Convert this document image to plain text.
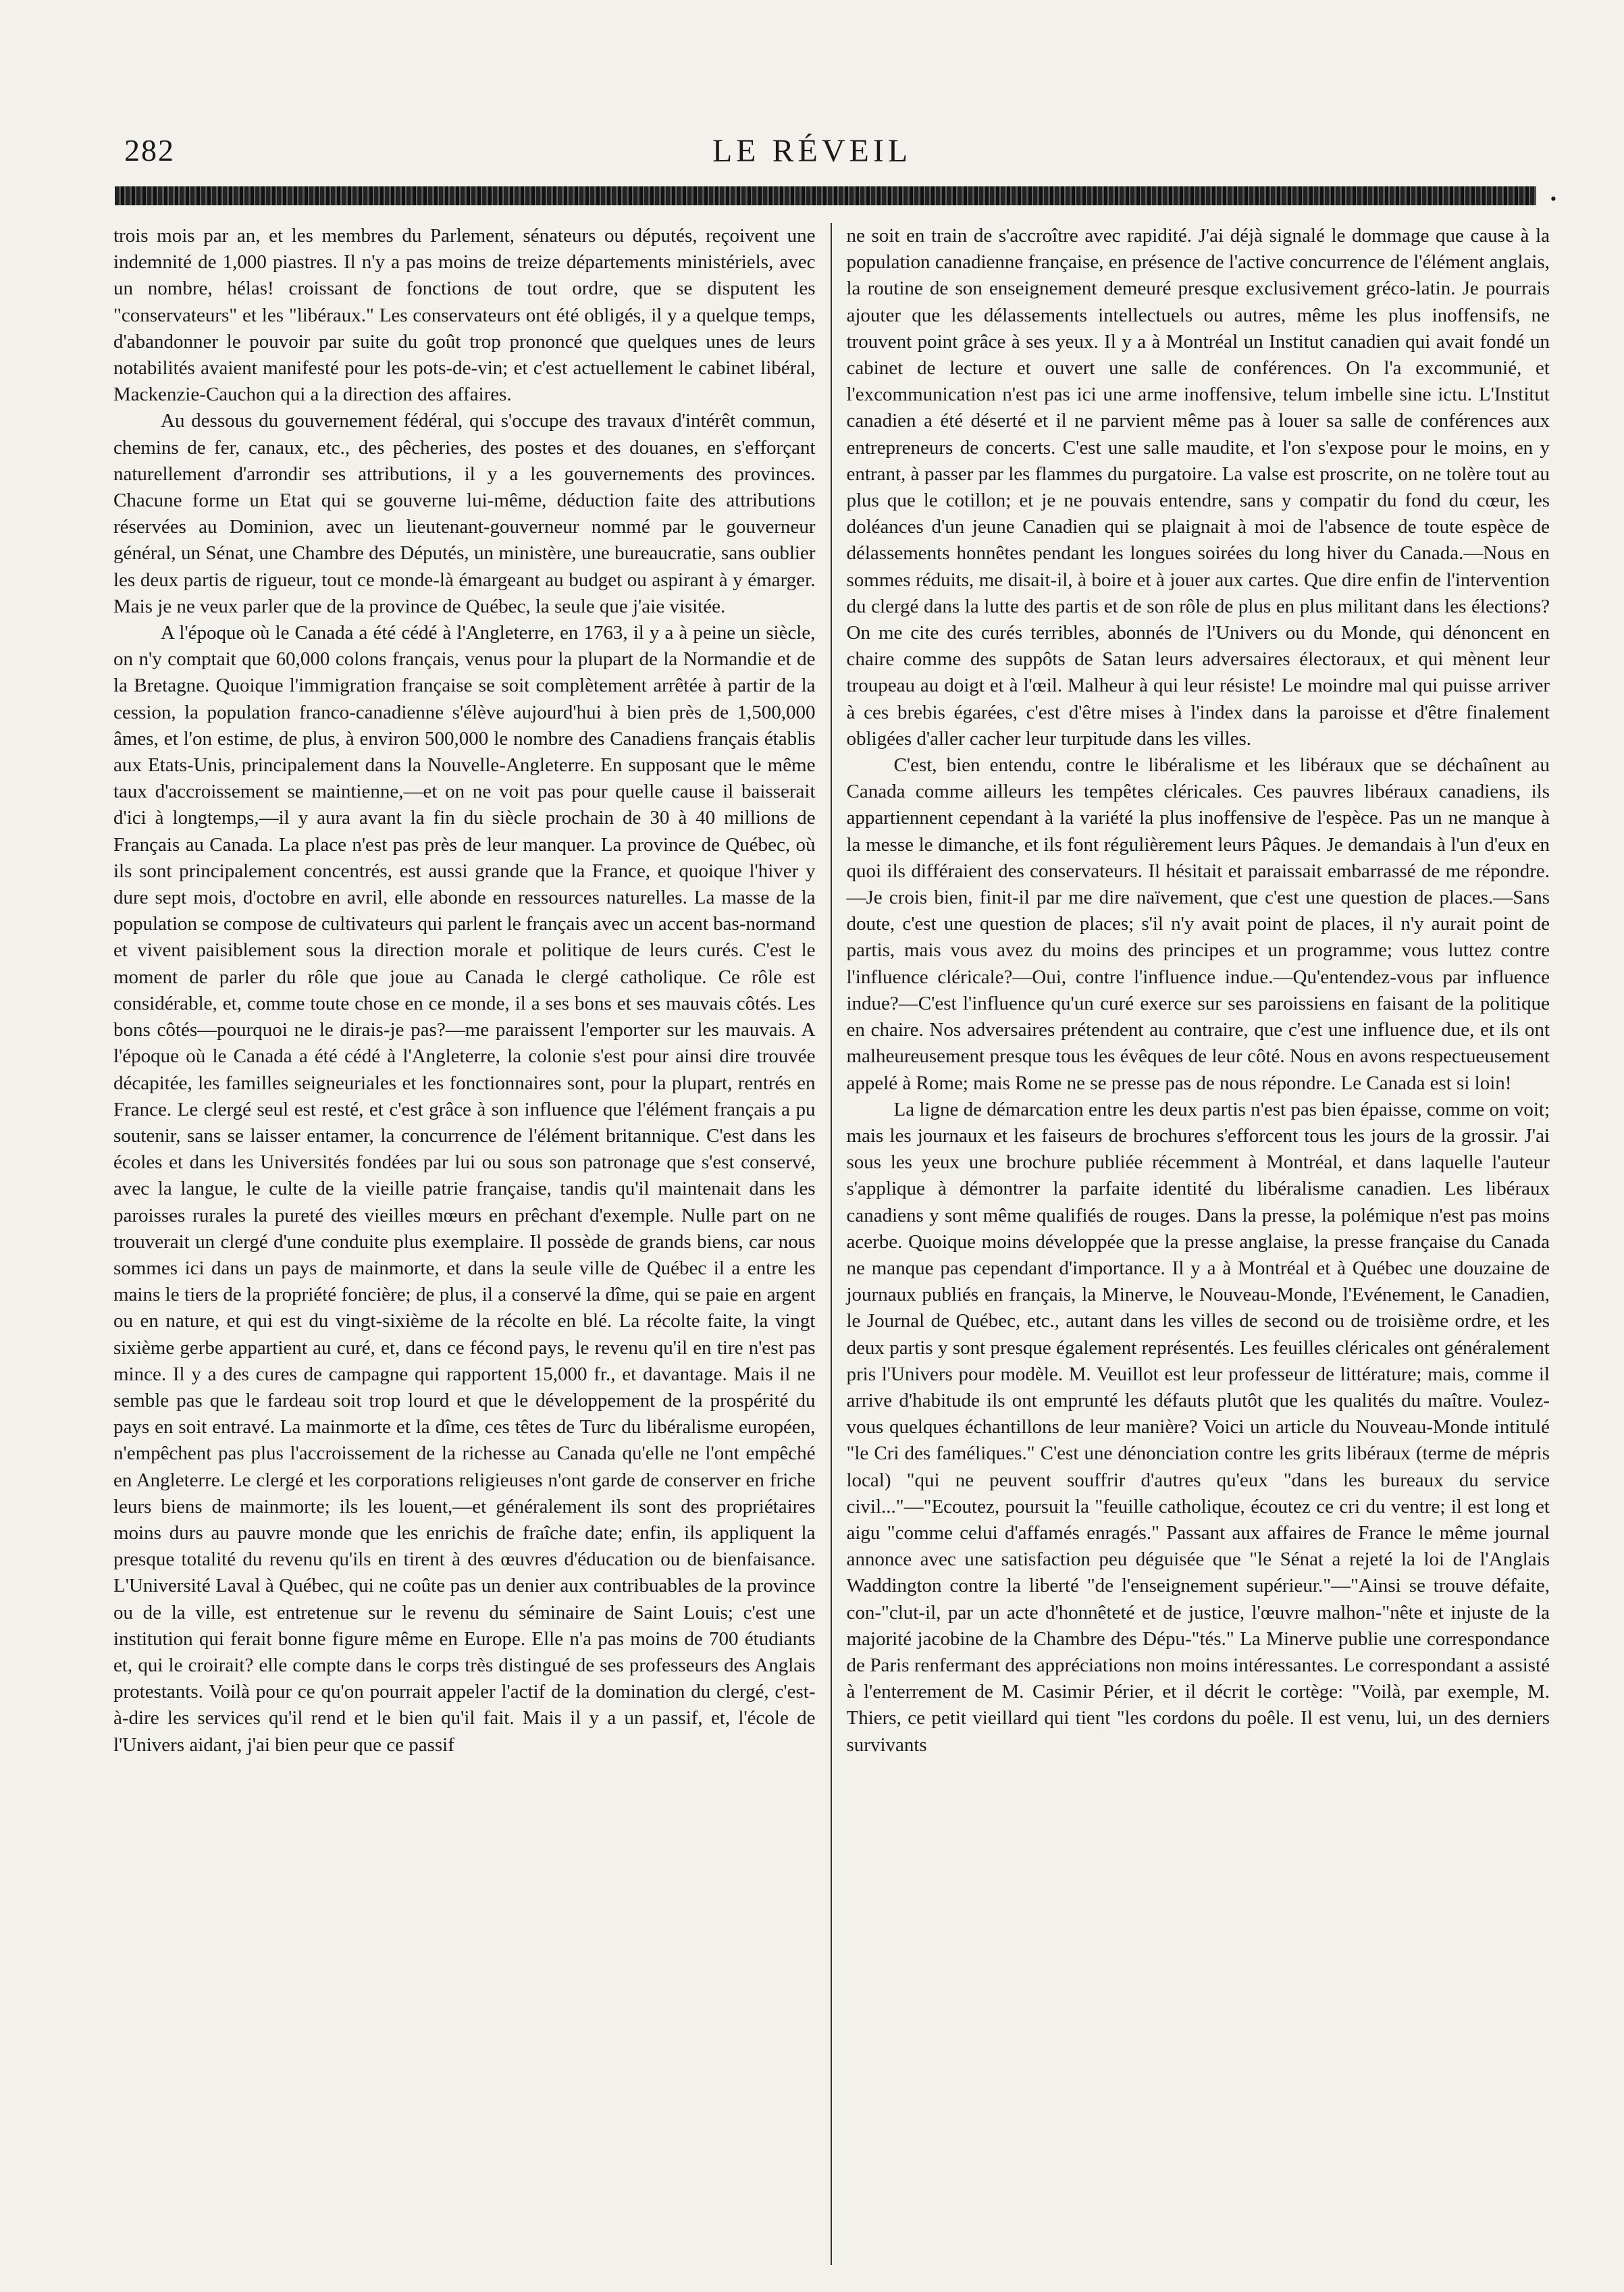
282	LE RÉVEIL
•

trois mois par an, et les membres du Parlement, sénateurs ou députés, reçoivent une indemnité de 1,000 piastres. Il n'y a pas moins de treize départements ministériels, avec un nombre, hélas! croissant de fonctions de tout ordre, que se disputent les "conservateurs" et les "libéraux." Les conservateurs ont été obligés, il y a quelque temps, d'abandonner le pouvoir par suite du goût trop prononcé que quelques unes de leurs notabilités avaient manifesté pour les pots-de-vin; et c'est actuellement le cabinet libéral, Mackenzie-Cauchon qui a la direction des affaires.

Au dessous du gouvernement fédéral, qui s'occupe des travaux d'intérêt commun, chemins de fer, canaux, etc., des pêcheries, des postes et des douanes, en s'efforçant naturellement d'arrondir ses attributions, il y a les gouvernements des provinces. Chacune forme un Etat qui se gouverne lui-même, déduction faite des attributions réservées au Dominion, avec un lieutenant-gouverneur nommé par le gouverneur général, un Sénat, une Chambre des Députés, un ministère, une bureaucratie, sans oublier les deux partis de rigueur, tout ce monde-là émargeant au budget ou aspirant à y émarger. Mais je ne veux parler que de la province de Québec, la seule que j'aie visitée.

A l'époque où le Canada a été cédé à l'Angleterre, en 1763, il y a à peine un siècle, on n'y comptait que 60,000 colons français, venus pour la plupart de la Normandie et de la Bretagne. Quoique l'immigration française se soit complètement arrêtée à partir de la cession, la population franco-canadienne s'élève aujourd'hui à bien près de 1,500,000 âmes, et l'on estime, de plus, à environ 500,000 le nombre des Canadiens français établis aux Etats-Unis, principalement dans la Nouvelle-Angleterre. En supposant que le même taux d'accroissement se maintienne,—et on ne voit pas pour quelle cause il baisserait d'ici à longtemps,—il y aura avant la fin du siècle prochain de 30 à 40 millions de Français au Canada. La place n'est pas près de leur manquer. La province de Québec, où ils sont principalement concentrés, est aussi grande que la France, et quoique l'hiver y dure sept mois, d'octobre en avril, elle abonde en ressources naturelles. La masse de la population se compose de cultivateurs qui parlent le français avec un accent bas-normand et vivent paisiblement sous la direction morale et politique de leurs curés. C'est le moment de parler du rôle que joue au Canada le clergé catholique. Ce rôle est considérable, et, comme toute chose en ce monde, il a ses bons et ses mauvais côtés. Les bons côtés—pourquoi ne le dirais-je pas?—me paraissent l'emporter sur les mauvais. A l'époque où le Canada a été cédé à l'Angleterre, la colonie s'est pour ainsi dire trouvée décapitée, les familles seigneuriales et les fonctionnaires sont, pour la plupart, rentrés en France. Le clergé seul est resté, et c'est grâce à son influence que l'élément français a pu soutenir, sans se laisser entamer, la concurrence de l'élément britannique. C'est dans les écoles et dans les Universités fondées par lui ou sous son patronage que s'est conservé, avec la langue, le culte de la vieille patrie française, tandis qu'il maintenait dans les paroisses rurales la pureté des vieilles mœurs en prêchant d'exemple. Nulle part on ne trouverait un clergé d'une conduite plus exemplaire. Il possède de grands biens, car nous sommes ici dans un pays de mainmorte, et dans la seule ville de Québec il a entre les mains le tiers de la propriété foncière; de plus, il a conservé la dîme, qui se paie en argent ou en nature, et qui est du vingt-sixième de la récolte en blé. La récolte faite, la vingt sixième gerbe appartient au curé, et, dans ce fécond pays, le revenu qu'il en tire n'est pas mince. Il y a des cures de campagne qui rapportent 15,000 fr., et davantage. Mais il ne semble pas que le fardeau soit trop lourd et que le développement de la prospérité du pays en soit entravé. La mainmorte et la dîme, ces têtes de Turc du libéralisme européen, n'empêchent pas plus l'accroissement de la richesse au Canada qu'elle ne l'ont empêché en Angleterre. Le clergé et les corporations religieuses n'ont garde de conserver en friche leurs biens de mainmorte; ils les louent,—et généralement ils sont des propriétaires moins durs au pauvre monde que les enrichis de fraîche date; enfin, ils appliquent la presque totalité du revenu qu'ils en tirent à des œuvres d'éducation ou de bienfaisance. L'Université Laval à Québec, qui ne coûte pas un denier aux contribuables de la province ou de la ville, est entretenue sur le revenu du séminaire de Saint Louis; c'est une institution qui ferait bonne figure même en Europe. Elle n'a pas moins de 700 étudiants et, qui le croirait? elle compte dans le corps très distingué de ses professeurs des Anglais protestants. Voilà pour ce qu'on pourrait appeler l'actif de la domination du clergé, c'est-à-dire les services qu'il rend et le bien qu'il fait. Mais il y a un passif, et, l'école de l'Univers aidant, j'ai bien peur que ce passif

ne soit en train de s'accroître avec rapidité. J'ai déjà signalé le dommage que cause à la population canadienne française, en présence de l'active concurrence de l'élément anglais, la routine de son enseignement demeuré presque exclusivement gréco-latin. Je pourrais ajouter que les délassements intellectuels ou autres, même les plus inoffensifs, ne trouvent point grâce à ses yeux. Il y a à Montréal un Institut canadien qui avait fondé un cabinet de lecture et ouvert une salle de conférences. On l'a excommunié, et l'excommunication n'est pas ici une arme inoffensive, telum imbelle sine ictu. L'Institut canadien a été déserté et il ne parvient même pas à louer sa salle de conférences aux entrepreneurs de concerts. C'est une salle maudite, et l'on s'expose pour le moins, en y entrant, à passer par les flammes du purgatoire. La valse est proscrite, on ne tolère tout au plus que le cotillon; et je ne pouvais entendre, sans y compatir du fond du cœur, les doléances d'un jeune Canadien qui se plaignait à moi de l'absence de toute espèce de délassements honnêtes pendant les longues soirées du long hiver du Canada.—Nous en sommes réduits, me disait-il, à boire et à jouer aux cartes. Que dire enfin de l'intervention du clergé dans la lutte des partis et de son rôle de plus en plus militant dans les élections? On me cite des curés terribles, abonnés de l'Univers ou du Monde, qui dénoncent en chaire comme des suppôts de Satan leurs adversaires électoraux, et qui mènent leur troupeau au doigt et à l'œil. Malheur à qui leur résiste! Le moindre mal qui puisse arriver à ces brebis égarées, c'est d'être mises à l'index dans la paroisse et d'être finalement obligées d'aller cacher leur turpitude dans les villes.

C'est, bien entendu, contre le libéralisme et les libéraux que se déchaînent au Canada comme ailleurs les tempêtes cléricales. Ces pauvres libéraux canadiens, ils appartiennent cependant à la variété la plus inoffensive de l'espèce. Pas un ne manque à la messe le dimanche, et ils font régulièrement leurs Pâques. Je demandais à l'un d'eux en quoi ils différaient des conservateurs. Il hésitait et paraissait embarrassé de me répondre.—Je crois bien, finit-il par me dire naïvement, que c'est une question de places.—Sans doute, c'est une question de places; s'il n'y avait point de places, il n'y aurait point de partis, mais vous avez du moins des principes et un programme; vous luttez contre l'influence cléricale?—Oui, contre l'influence indue.—Qu'entendez-vous par influence indue?—C'est l'influence qu'un curé exerce sur ses paroissiens en faisant de la politique en chaire. Nos adversaires prétendent au contraire, que c'est une influence due, et ils ont malheureusement presque tous les évêques de leur côté. Nous en avons respectueusement appelé à Rome; mais Rome ne se presse pas de nous répondre. Le Canada est si loin!

La ligne de démarcation entre les deux partis n'est pas bien épaisse, comme on voit; mais les journaux et les faiseurs de brochures s'efforcent tous les jours de la grossir. J'ai sous les yeux une brochure publiée récemment à Montréal, et dans laquelle l'auteur s'applique à démontrer la parfaite identité du libéralisme canadien. Les libéraux canadiens y sont même qualifiés de rouges. Dans la presse, la polémique n'est pas moins acerbe. Quoique moins développée que la presse anglaise, la presse française du Canada ne manque pas cependant d'importance. Il y a à Montréal et à Québec une douzaine de journaux publiés en français, la Minerve, le Nouveau-Monde, l'Evénement, le Canadien, le Journal de Québec, etc., autant dans les villes de second ou de troisième ordre, et les deux partis y sont presque également représentés. Les feuilles cléricales ont généralement pris l'Univers pour modèle. M. Veuillot est leur professeur de littérature; mais, comme il arrive d'habitude ils ont emprunté les défauts plutôt que les qualités du maître. Voulez-vous quelques échantillons de leur manière? Voici un article du Nouveau-Monde intitulé "le Cri des faméliques." C'est une dénonciation contre les grits libéraux (terme de mépris local) "qui ne peuvent souffrir d'autres qu'eux "dans les bureaux du service civil..."—"Ecoutez, poursuit la "feuille catholique, écoutez ce cri du ventre; il est long et aigu "comme celui d'affamés enragés." Passant aux affaires de France le même journal annonce avec une satisfaction peu déguisée que "le Sénat a rejeté la loi de l'Anglais Waddington contre la liberté "de l'enseignement supérieur."—"Ainsi se trouve défaite, con-"clut-il, par un acte d'honnêteté et de justice, l'œuvre malhon-"nête et injuste de la majorité jacobine de la Chambre des Dépu-"tés." La Minerve publie une correspondance de Paris renfermant des appréciations non moins intéressantes. Le correspondant a assisté à l'enterrement de M. Casimir Périer, et il décrit le cortège: "Voilà, par exemple, M. Thiers, ce petit vieillard qui tient "les cordons du poêle. Il est venu, lui, un des derniers survivants
